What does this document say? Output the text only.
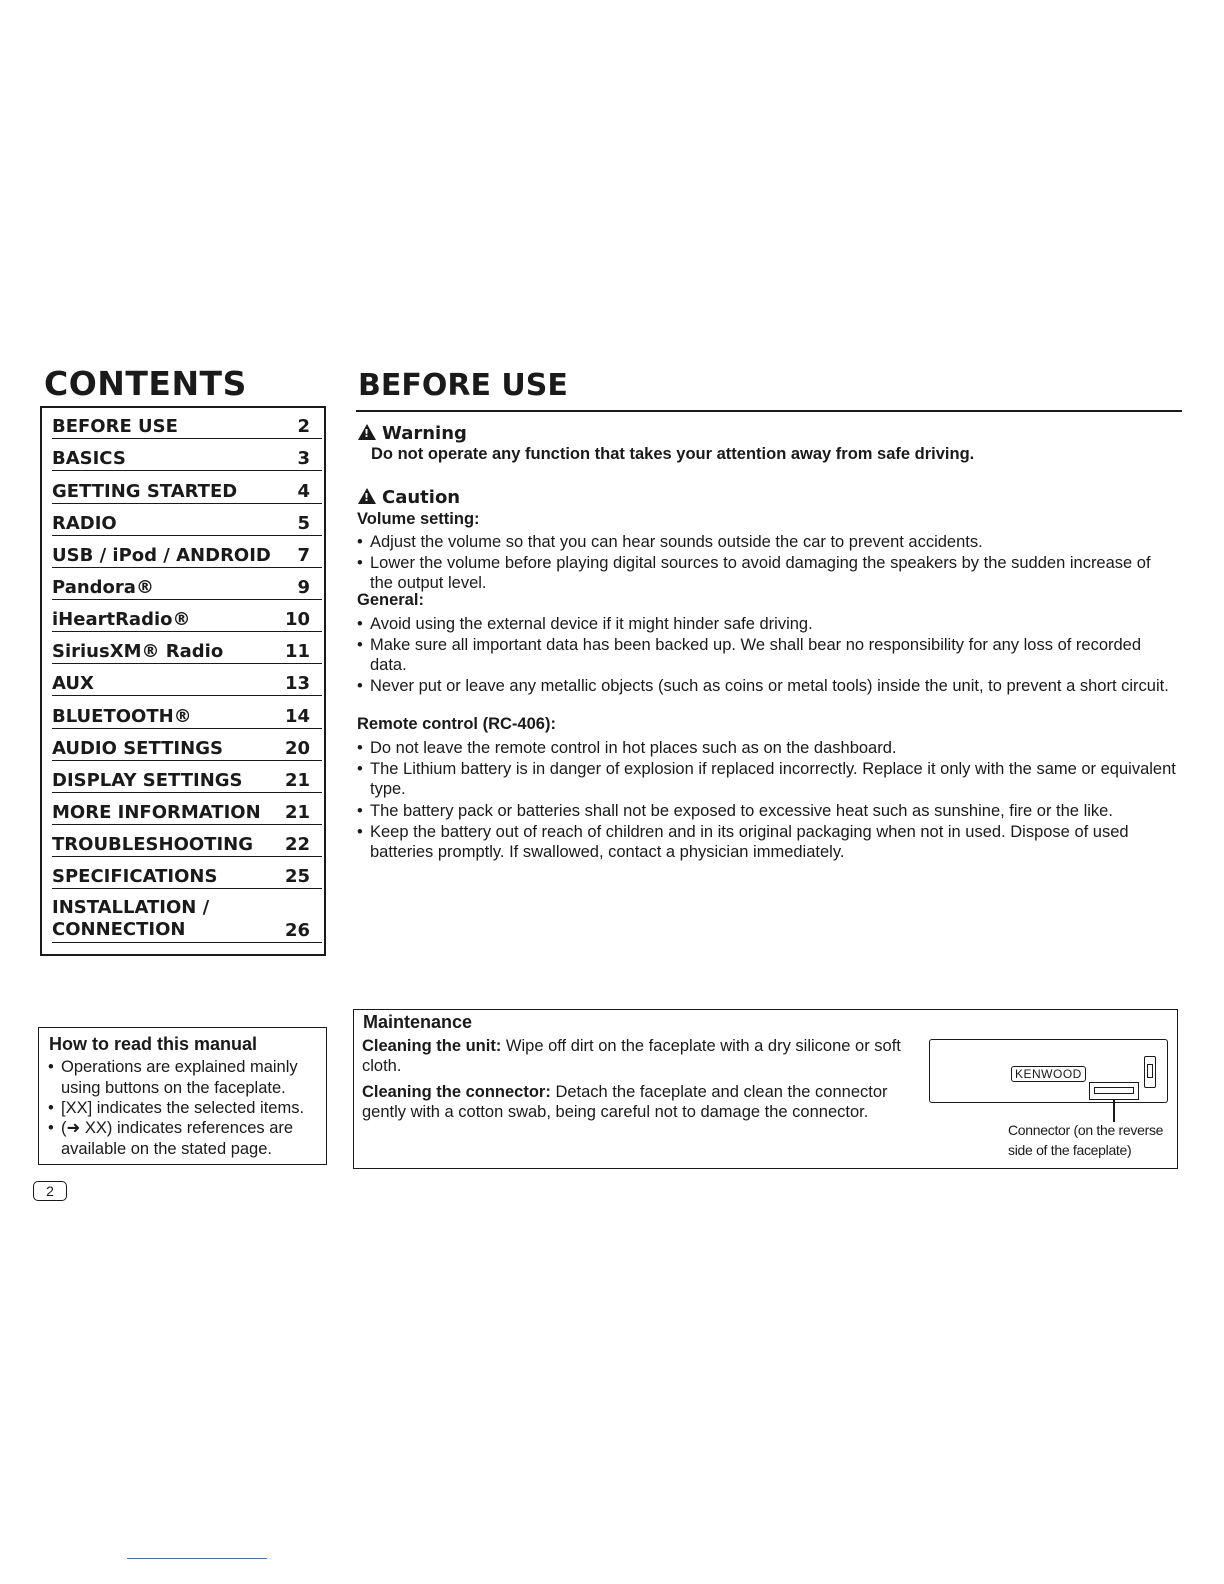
CONTENTS
BEFORE USE	2
BASICS	3
GETTING STARTED	4
RADIO	5
USB / iPod / ANDROID 7
Pandora®	9
iHeartRadio®	10
SiriusXM® Radio	11
AUX	13
BLUETOOTH®	14
AUDIO SETTINGS	20
DISPLAY SETTINGS 21
MORE INFORMATION 21
TROUBLESHOOTING 22
SPECIFICATIONS	25
INSTALLATION /
CONNECTION	26
BEFORE USE
!Warning
Do not operate any function that takes your attention away from safe driving.
!Caution
Volume setting:
• Adjust the volume so that you can hear sounds outside the car to prevent accidents.
• Lower the volume before playing digital sources to avoid damaging the speakers by the sudden increase of the output level.
General:
• Avoid using the external device if it might hinder safe driving.
• Make sure all important data has been backed up. We shall bear no responsibility for any loss of recorded data.
• Never put or leave any metallic objects (such as coins or metal tools) inside the unit, to prevent a short circuit.
Remote control (RC-406):
• Do not leave the remote control in hot places such as on the dashboard.
• The Lithium battery is in danger of explosion if replaced incorrectly. Replace it only with the same or equivalent type.
• The battery pack or batteries shall not be exposed to excessive heat such as sunshine, fire or the like.
• Keep the battery out of reach of children and in its original packaging when not in used. Dispose of used batteries promptly. If swallowed, contact a physician immediately.
How to read this manual
• Operations are explained mainly using buttons on the faceplate.
• [XX] indicates the selected items.
• (➜ XX) indicates references are available on the stated page.
Maintenance
Cleaning the unit: Wipe off dirt on the faceplate with a dry silicone or soft cloth.
Cleaning the connector: Detach the faceplate and clean the connector gently with a cotton swab, being careful not to damage the connector.
KENWOOD
Connector (on the reverse
side of the faceplate)
2
